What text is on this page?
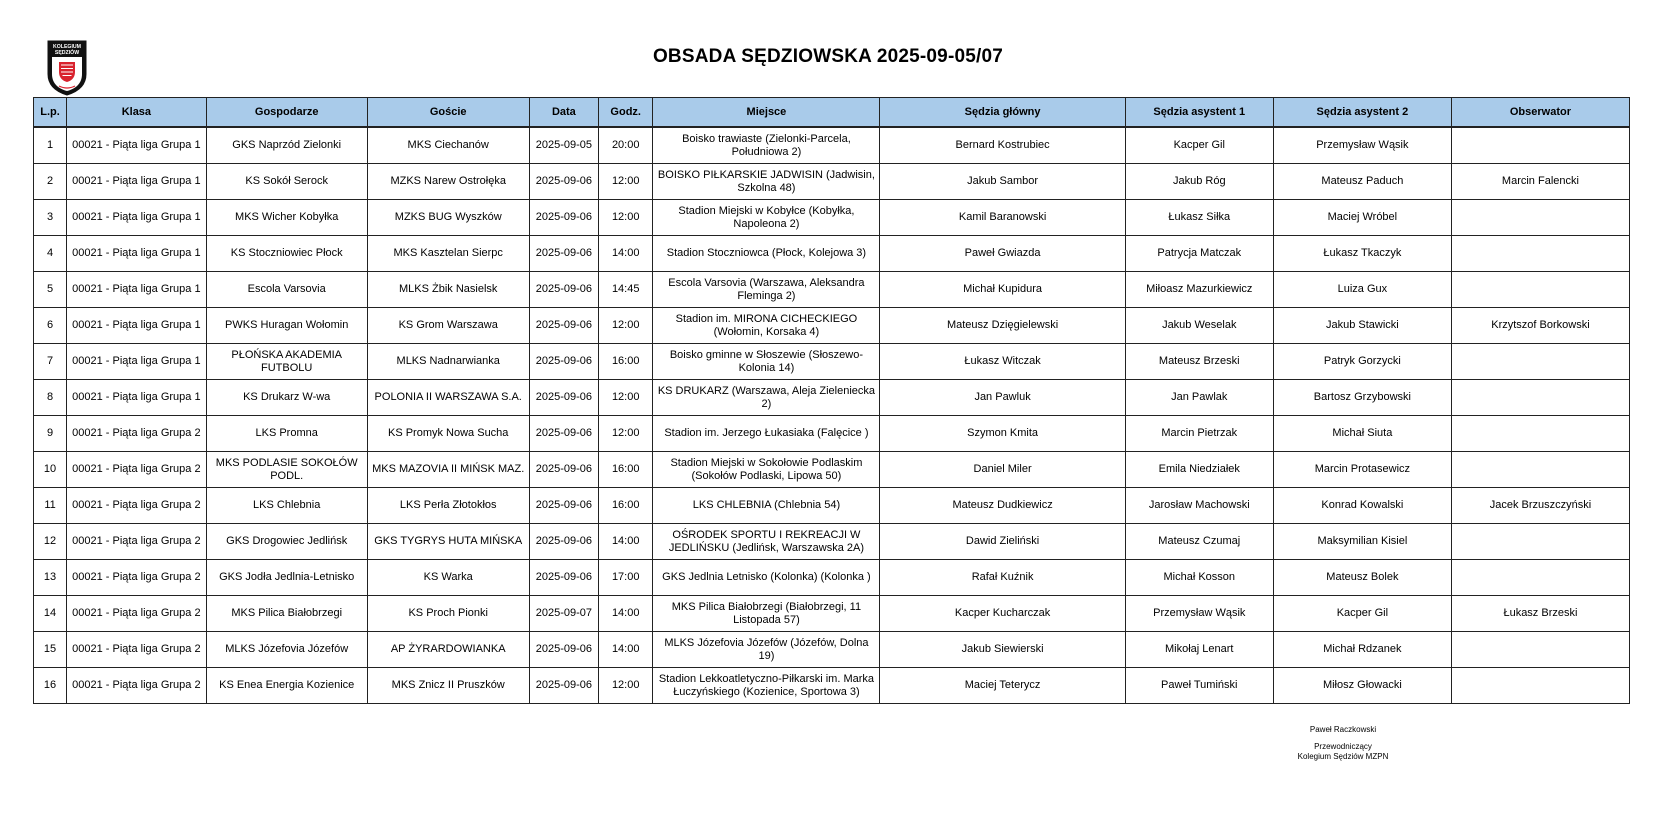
KOLEGIUM
SĘDZIÓW	OBSADA SĘDZIOWSKA 2025-09-05/07
L.p.	Klasa	Gospodarze	Goście	Data	Godz.	Miejsce	Sędzia główny	Sędzia asystent 1	Sędzia asystent 2	Obserwator
1	00021 - Piąta liga Grupa 1	GKS Naprzód Zielonki	MKS Ciechanów	2025-09-05	20:00	Boisko trawiaste (Zielonki-Parcela, Południowa 2)	Bernard Kostrubiec	Kacper Gil	Przemysław Wąsik	
2	00021 - Piąta liga Grupa 1	KS Sokół Serock	MZKS Narew Ostrołęka	2025-09-06	12:00	BOISKO PIŁKARSKIE JADWISIN (Jadwisin, Szkolna 48)	Jakub Sambor	Jakub Róg	Mateusz Paduch	Marcin Falencki
3	00021 - Piąta liga Grupa 1	MKS Wicher Kobyłka	MZKS BUG Wyszków	2025-09-06	12:00	Stadion Miejski w Kobyłce (Kobyłka, Napoleona 2)	Kamil Baranowski	Łukasz Siłka	Maciej Wróbel	
4	00021 - Piąta liga Grupa 1	KS Stoczniowiec Płock	MKS Kasztelan Sierpc	2025-09-06	14:00	Stadion Stoczniowca (Płock, Kolejowa 3)	Paweł Gwiazda	Patrycja Matczak	Łukasz Tkaczyk	
5	00021 - Piąta liga Grupa 1	Escola Varsovia	MLKS Żbik Nasielsk	2025-09-06	14:45	Escola Varsovia (Warszawa, Aleksandra Fleminga 2)	Michał Kupidura	Miłoasz Mazurkiewicz	Luiza Gux	
6	00021 - Piąta liga Grupa 1	PWKS Huragan Wołomin	KS Grom Warszawa	2025-09-06	12:00	Stadion im. MIRONA CICHECKIEGO (Wołomin, Korsaka 4)	Mateusz Dzięgielewski	Jakub Weselak	Jakub Stawicki	Krzytszof Borkowski
7	00021 - Piąta liga Grupa 1	PŁOŃSKA AKADEMIA FUTBOLU	MLKS Nadnarwianka	2025-09-06	16:00	Boisko gminne w Słoszewie (Słoszewo-Kolonia 14)	Łukasz Witczak	Mateusz Brzeski	Patryk Gorzycki	
8	00021 - Piąta liga Grupa 1	KS Drukarz W-wa	POLONIA II WARSZAWA S.A.	2025-09-06	12:00	KS DRUKARZ (Warszawa, Aleja Zieleniecka 2)	Jan Pawluk	Jan Pawlak	Bartosz Grzybowski	
9	00021 - Piąta liga Grupa 2	LKS Promna	KS Promyk Nowa Sucha	2025-09-06	12:00	Stadion im. Jerzego Łukasiaka (Falęcice )	Szymon Kmita	Marcin Pietrzak	Michał Siuta	
10	00021 - Piąta liga Grupa 2	MKS PODLASIE SOKOŁÓW PODL.	MKS MAZOVIA II MIŃSK MAZ.	2025-09-06	16:00	Stadion Miejski w Sokołowie Podlaskim (Sokołów Podlaski, Lipowa 50)	Daniel Miler	Emila Niedziałek	Marcin Protasewicz	
11	00021 - Piąta liga Grupa 2	LKS Chlebnia	LKS Perła Złotokłos	2025-09-06	16:00	LKS CHLEBNIA (Chlebnia 54)	Mateusz Dudkiewicz	Jarosław Machowski	Konrad Kowalski	Jacek Brzuszczyński
12	00021 - Piąta liga Grupa 2	GKS Drogowiec Jedlińsk	GKS TYGRYS HUTA MIŃSKA	2025-09-06	14:00	OŚRODEK SPORTU I REKREACJI W JEDLIŃSKU (Jedlińsk, Warszawska 2A)	Dawid Zieliński	Mateusz Czumaj	Maksymilian Kisiel	
13	00021 - Piąta liga Grupa 2	GKS Jodła Jedlnia-Letnisko	KS Warka	2025-09-06	17:00	GKS Jedlnia Letnisko (Kolonka) (Kolonka )	Rafał Kuźnik	Michał Kosson	Mateusz Bolek	
14	00021 - Piąta liga Grupa 2	MKS Pilica Białobrzegi	KS Proch Pionki	2025-09-07	14:00	MKS Pilica Białobrzegi (Białobrzegi, 11 Listopada 57)	Kacper Kucharczak	Przemysław Wąsik	Kacper Gil	Łukasz Brzeski
15	00021 - Piąta liga Grupa 2	MLKS Józefovia Józefów	AP ŻYRARDOWIANKA	2025-09-06	14:00	MLKS Józefovia Józefów (Józefów, Dolna 19)	Jakub Siewierski	Mikołaj Lenart	Michał Rdzanek	
16	00021 - Piąta liga Grupa 2	KS Enea Energia Kozienice	MKS Znicz II Pruszków	2025-09-06	12:00	Stadion Lekkoatletyczno-Piłkarski im. Marka Łuczyńskiego (Kozienice, Sportowa 3)	Maciej Teterycz	Paweł Tumiński	Miłosz Głowacki	
Paweł Raczkowski
Przewodniczący
Kolegium Sędziów MZPN
